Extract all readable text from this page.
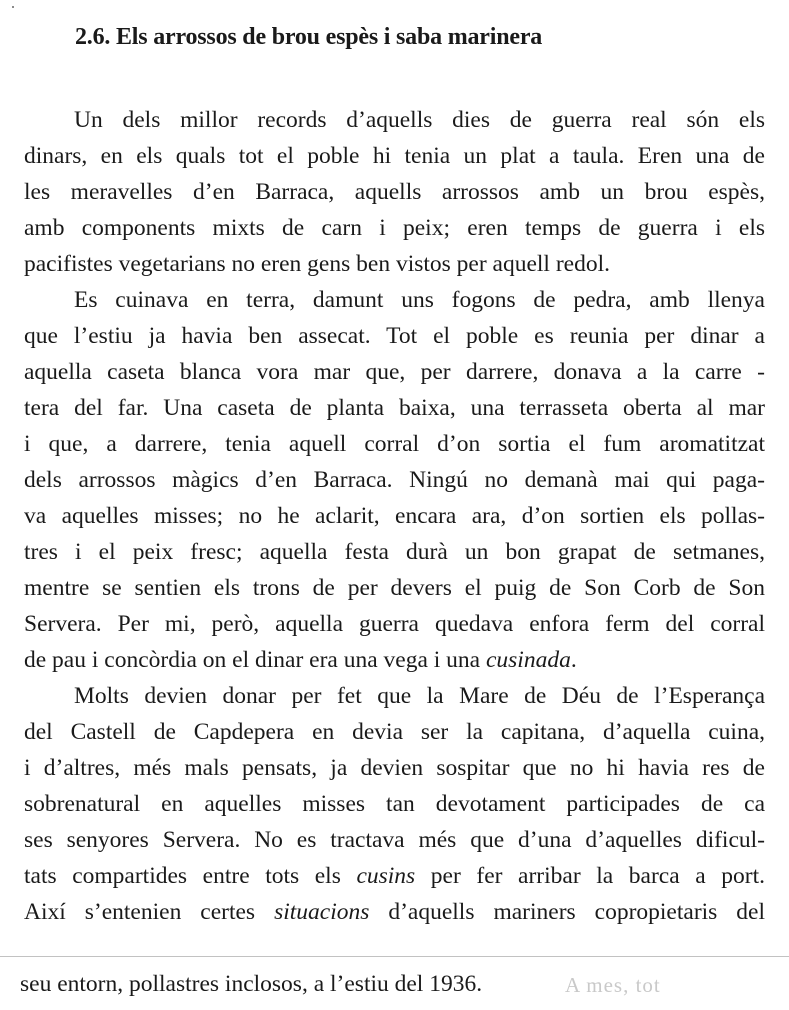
2.6. Els arrossos de brou espès i saba marinera
Un dels millor records d’aquells dies de guerra real són els
dinars, en els quals tot el poble hi tenia un plat a taula. Eren una de
les meravelles d’en Barraca, aquells arrossos amb un brou espès,
amb components mixts de carn i peix; eren temps de guerra i els
pacifistes vegetarians no eren gens ben vistos per aquell redol.
Es cuinava en terra, damunt uns fogons de pedra, amb llenya
que l’estiu ja havia ben assecat. Tot el poble es reunia per dinar a
aquella caseta blanca vora mar que, per darrere, donava a la carre -
tera del far. Una caseta de planta baixa, una terrasseta oberta al mar
i que, a darrere, tenia aquell corral d’on sortia el fum aromatitzat
dels arrossos màgics d’en Barraca. Ningú no demanà mai qui paga-
va aquelles misses; no he aclarit, encara ara, d’on sortien els pollas-
tres i el peix fresc; aquella festa durà un bon grapat de setmanes,
mentre se sentien els trons de per devers el puig de Son Corb de Son
Servera. Per mi, però, aquella guerra quedava enfora ferm del corral
de pau i concòrdia on el dinar era una vega i una cusinada.
Molts devien donar per fet que la Mare de Déu de l’Esperança
del Castell de Capdepera en devia ser la capitana, d’aquella cuina,
i d’altres, més mals pensats, ja devien sospitar que no hi havia res de
sobrenatural en aquelles misses tan devotament participades de ca
ses senyores Servera. No es tractava més que d’una d’aquelles dificul-
tats compartides entre tots els cusins per fer arribar la barca a port.
Així s’entenien certes situacions d’aquells mariners copropietaris del
seu entorn, pollastres inclosos, a l’estiu del 1936.	A mes, tot
